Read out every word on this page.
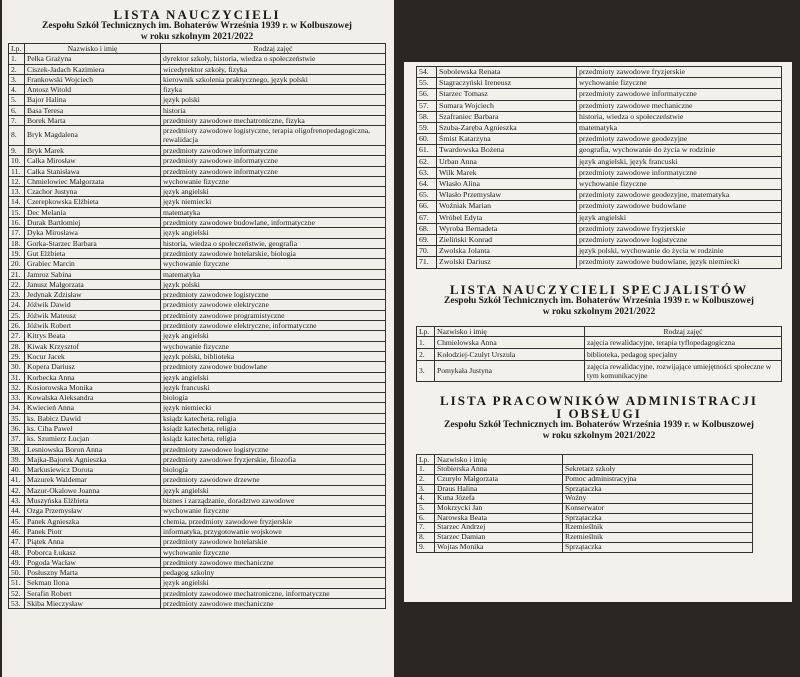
LISTA NAUCZYCIELI

Zespołu Szkół Technicznych im. Bohaterów Września 1939 r. w Kolbuszowej

w roku szkolnym 2021/2022

Lp.	Nazwisko i imię	Rodzaj zajęć
1.	Pełka Grażyna	dyrektor szkoły, historia, wiedza o społeczeństwie
2.	Ciszek-Jadach Kazimiera	wicedyrektor szkoły, fizyka
3.	Frankowski Wojciech	kierownik szkolenia praktycznego, język polski
4.	Antosz Witold	fizyka
5.	Bajor Halina	język polski
6.	Basa Teresa	historia
7.	Borek Marta	przedmioty zawodowe mechatroniczne, fizyka
8.	Bryk Magdalena	przedmioty zawodowe logistyczne, terapia oligofrenopedagogiczna, rewalidacja
9.	Bryk Marek	przedmioty zawodowe informatyczne
10.	Całka Mirosław	przedmioty zawodowe informatyczne
11.	Całka Stanisława	przedmioty zawodowe informatyczne
12.	Chmielowiec Małgorzata	wychowanie fizyczne
13.	Czachor Justyna	język angielski
14.	Czerepkowska Elżbieta	język niemiecki
15.	Dec Melania	matematyka
16.	Durak Bartłomiej	przedmioty zawodowe budowlane, informatyczne
17.	Dyka Mirosława	język angielski
18.	Gorka-Starzec Barbara	historia, wiedza o społeczeństwie, geografia
19.	Gut Elżbieta	przedmioty zawodowe hotelarskie, biologia
20.	Grabiec Marcin	wychowanie fizyczne
21.	Jamroz Sabina	matematyka
22.	Janusz Małgorzata	język polski
23.	Jedynak Zdzisław	przedmioty zawodowe logistyczne
24.	Jóźwik Dawid	przedmioty zawodowe elektryczne
25.	Jóźwik Mateusz	przedmioty zawodowe programistyczne
26.	Jóźwik Robert	przedmioty zawodowe elektryczne, informatyczne
27.	Kitrys Beata	język angielski
28.	Kiwak Krzysztof	wychowanie fizyczne
29.	Kocur Jacek	język polski, biblioteka
30.	Kopera Dariusz	przedmioty zawodowe budowlane
31.	Korbecka Anna	język angielski
32.	Kosiorowska Monika	język francuski
33.	Kowalska Aleksandra	biologia
34.	Kwiecień Anna	język niemiecki
35.	ks. Babicz Dawid	ksiądz katecheta, religia
36.	ks. Ciba Paweł	ksiądz katecheta, religia
37.	ks. Szumierz Łucjan	ksiądz katecheta, religia
38.	Lesniowska Boron Anna	przedmioty zawodowe logistyczne
39.	Majka-Bajorek Agnieszka	przedmioty zawodowe fryzjerskie, filozofia
40.	Markusiewicz Dorota	biologia
41.	Mazurek Waldemar	przedmioty zawodowe drzewne
42.	Mazur-Okalowe Joanna	język angielski
43.	Muszyńska Elżbieta	biznes i zarządzanie, doradztwo zawodowe
44.	Ozga Przemysław	wychowanie fizyczne
45.	Panek Agnieszka	chemia, przedmioty zawodowe fryzjerskie
46.	Panek Piotr	informatyka, przygotowanie wojskowe
47.	Piątek Anna	przedmioty zawodowe hotelarskie
48.	Poborca Łukasz	wychowanie fizyczne
49.	Pogoda Wacław	przedmioty zawodowe mechaniczne
50.	Posłuszny Marta	pedagog szkolny
51.	Sekman Ilona	język angielski
52.	Serafin Robert	przedmioty zawodowe mechatroniczne, informatyczne
53.	Skiba Mieczysław	przedmioty zawodowe mechaniczne
54.	Sobolewska Renata	przedmioty zawodowe fryzjerskie
55.	Stagraczyński Ireneusz	wychowanie fizyczne
56.	Starzec Tomasz	przedmioty zawodowe informatyczne
57.	Sumara Wojciech	przedmioty zawodowe mechaniczne
58.	Szafraniec Barbara	historia, wiedza o społeczeństwie
59.	Szuba-Zaręba Agnieszka	matematyka
60.	Śmist Katarzyna	przedmioty zawodowe geodezyjne
61.	Twardowska Bożena	geografia, wychowanie do życia w rodzinie
62.	Urban Anna	język angielski, język francuski
63.	Wilk Marek	przedmioty zawodowe informatyczne
64.	Własło Alina	wychowanie fizyczne
65.	Własło Przemysław	przedmioty zawodowe geodezyjne, matematyka
66.	Woźniak Marian	przedmioty zawodowe budowlane
67.	Wróbel Edyta	język angielski
68.	Wyroba Bernadeta	przedmioty zawodowe fryzjerskie
69.	Zieliński Konrad	przedmioty zawodowe logistyczne
70.	Zwolska Jolanta	język polski, wychowanie do życia w rodzinie
71.	Zwolski Dariusz	przedmioty zawodowe budowlane, język niemiecki

LISTA NAUCZYCIELI SPECJALISTÓW

Zespołu Szkół Technicznych im. Bohaterów Września 1939 r. w Kolbuszowej

w roku szkolnym 2021/2022

Lp.	Nazwisko i imię	Rodzaj zajęć
1.	Chmielowska Anna	zajęcia rewalidacyjne, terapia tyflopedagogiczna
2.	Kołodziej-Czułyt Urszula	biblioteka, pedagog specjalny
3.	Pomykała Justyna	zajęcia rewalidacyjne, rozwijające umiejętności społeczne w tym komunikacyjne

LISTA PRACOWNIKÓW ADMINISTRACJI

I OBSŁUGI

Zespołu Szkół Technicznych im. Bohaterów Września 1939 r. w Kolbuszowej

w roku szkolnym 2021/2022

Lp.	Nazwisko i imię	
1.	Stobierska Anna	Sekretarz szkoły
2.	Czuryło Małgorzata	Pomoc administracyjna
3.	Draus Halina	Sprzątaczka
4.	Kuna Józefa	Woźny
5.	Mokrzycki Jan	Konserwator
6.	Narowska Beata	Sprzątaczka
7.	Starzec Andrzej	Rzemieślnik
8.	Starzec Damian	Rzemieślnik
9.	Wojtas Monika	Sprzątaczka
